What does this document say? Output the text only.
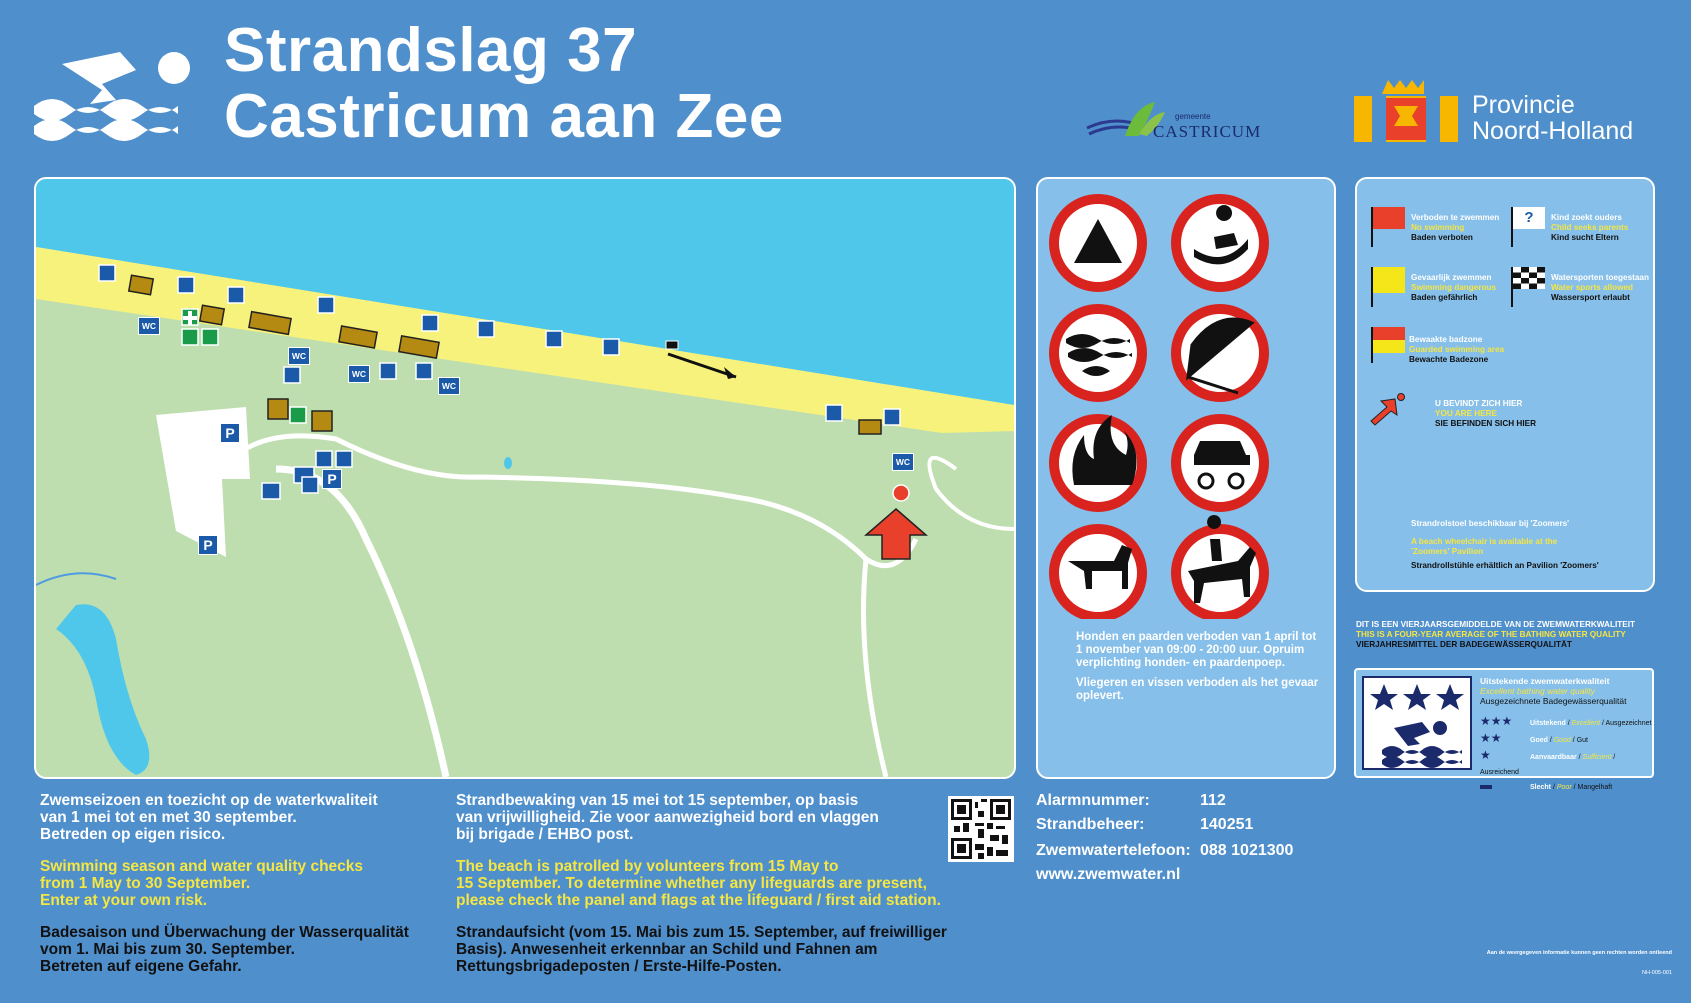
Strandslag 37
Castricum aan Zee	gemeente
CASTRICUM
Provincie
Noord-Holland
WC
WC
WC
WC
WC
P
P
P
Honden en paarden verboden van 1 april tot 1 november van 09:00 - 20:00 uur. Opruim verplichting honden- en paardenpoep.
Vliegeren en vissen verboden als het gevaar oplevert.
Verboden te zwemmen
No swimming
Baden verboten
?	Kind zoekt ouders
Child seeks parents
Kind sucht Eltern
Gevaarlijk zwemmen
Swimming dangerous
Baden gefährlich
Watersporten toegestaan
Water sports allowed
Wassersport erlaubt
Bewaakte badzone
Guarded swimming area
Bewachte Badezone
U BEVINDT ZICH HIER
YOU ARE HERE
SIE BEFINDEN SICH HIER
Strandrolstoel beschikbaar bij 'Zoomers'
A beach wheelchair is available at the
'Zoomers' Pavilion
Strandrollstühle erhältlich an Pavilion 'Zoomers'
DIT IS EEN VIERJAARSGEMIDDELDE VAN DE ZWEMWATERKWALITEIT
THIS IS A FOUR-YEAR AVERAGE OF THE BATHING WATER QUALITY
VIERJAHRESMITTEL DER BADEGEWÄSSERQUALITÄT
Uitstekende zwemwaterkwaliteit
Excellent bathing water quality
Ausgezeichnete Badegewässerqualität
★★★	Uitstekend / Excellent / Ausgezeichnet
★★	Goed / Good / Gut
★	Aanvaardbaar / Sufficient / Ausreichend
Slecht / Poor / Mangelhaft
Zwemseizoen en toezicht op de waterkwaliteit
van 1 mei tot en met 30 september.
Betreden op eigen risico.
Swimming season and water quality checks
from 1 May to 30 September.
Enter at your own risk.
Badesaison und Überwachung der Wasserqualität
vom 1. Mai bis zum 30. September.
Betreten auf eigene Gefahr.
Strandbewaking van 15 mei tot 15 september, op basis
van vrijwilligheid. Zie voor aanwezigheid bord en vlaggen
bij brigade / EHBO post.
The beach is patrolled by volunteers from 15 May to
15 September. To determine whether any lifeguards are present,
please check the panel and flags at the lifeguard / first aid station.
Strandaufsicht (vom 15. Mai bis zum 15. September, auf freiwilliger
Basis). Anwesenheit erkennbar an Schild und Fahnen am
Rettungsbrigadeposten / Erste-Hilfe-Posten.
Alarmnummer:	112
Strandbeheer:	140251
Zwemwatertelefoon: 088 1021300
www.zwemwater.nl
Aan de weergegeven informatie kunnen geen rechten worden ontleend
NH-005-001
